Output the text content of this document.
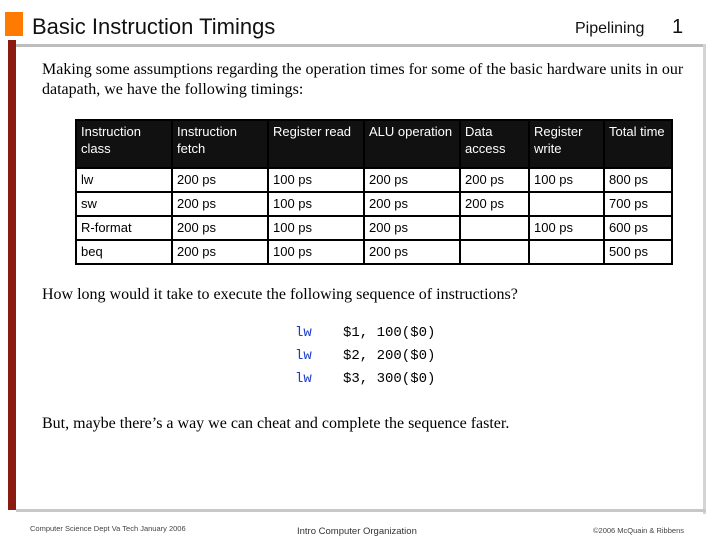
Basic Instruction Timings	Pipelining 1
Making some assumptions regarding the operation times for some of the basic hardware units in our datapath, we have the following timings:
Instruction class	Instruction fetch	Register read	ALU operation	Data access	Register write	Total time
lw	200 ps	100 ps	200 ps	200 ps	100 ps	800 ps
sw	200 ps	100 ps	200 ps	200 ps		700 ps
R-format	200 ps	100 ps	200 ps		100 ps	600 ps
beq	200 ps	100 ps	200 ps			500 ps
How long would it take to execute the following sequence of instructions?
lw	$1, 100($0)
lw	$2, 200($0)
lw	$3, 300($0)
But, maybe there’s a way we can cheat and complete the sequence faster.
Computer Science Dept Va Tech January 2006	Intro Computer Organization	©2006 McQuain & Ribbens
